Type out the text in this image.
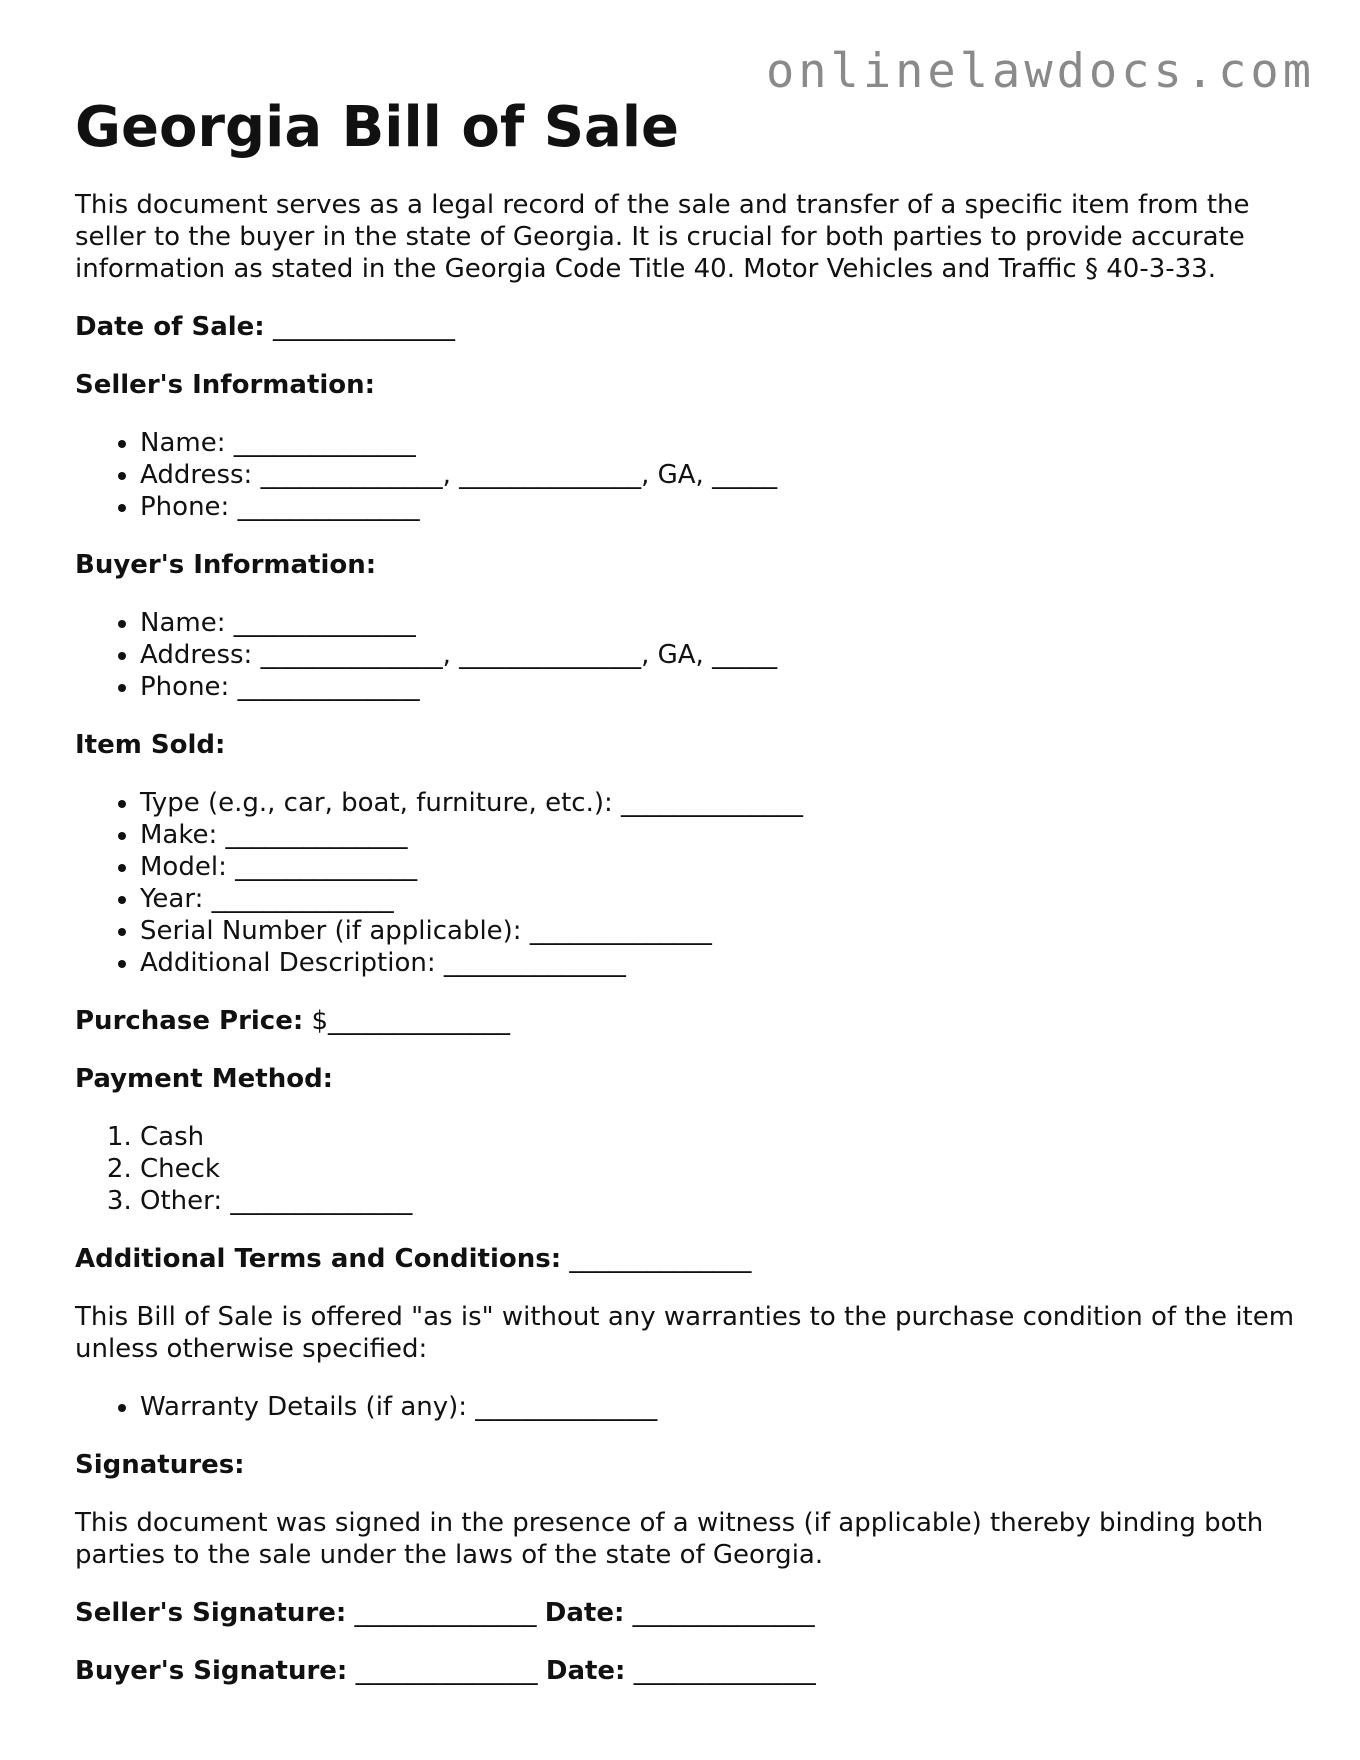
onlinelawdocs.com
Georgia Bill of Sale

This document serves as a legal record of the sale and transfer of a specific item from the seller to the buyer in the state of Georgia. It is crucial for both parties to provide accurate information as stated in the Georgia Code Title 40. Motor Vehicles and Traffic § 40-3-33.

Date of Sale: ______________

Seller's Information:

• Name: ______________
• Address: ______________, ______________, GA, _____
• Phone: ______________

Buyer's Information:

• Name: ______________
• Address: ______________, ______________, GA, _____
• Phone: ______________

Item Sold:

• Type (e.g., car, boat, furniture, etc.): ______________
• Make: ______________
• Model: ______________
• Year: ______________
• Serial Number (if applicable): ______________
• Additional Description: ______________

Purchase Price: $______________

Payment Method:

1. Cash
2. Check
3. Other: ______________

Additional Terms and Conditions: ______________

This Bill of Sale is offered "as is" without any warranties to the purchase condition of the item unless otherwise specified:

• Warranty Details (if any): ______________

Signatures:

This document was signed in the presence of a witness (if applicable) thereby binding both parties to the sale under the laws of the state of Georgia.

Seller's Signature: ______________ Date: ______________

Buyer's Signature: ______________ Date: ______________
